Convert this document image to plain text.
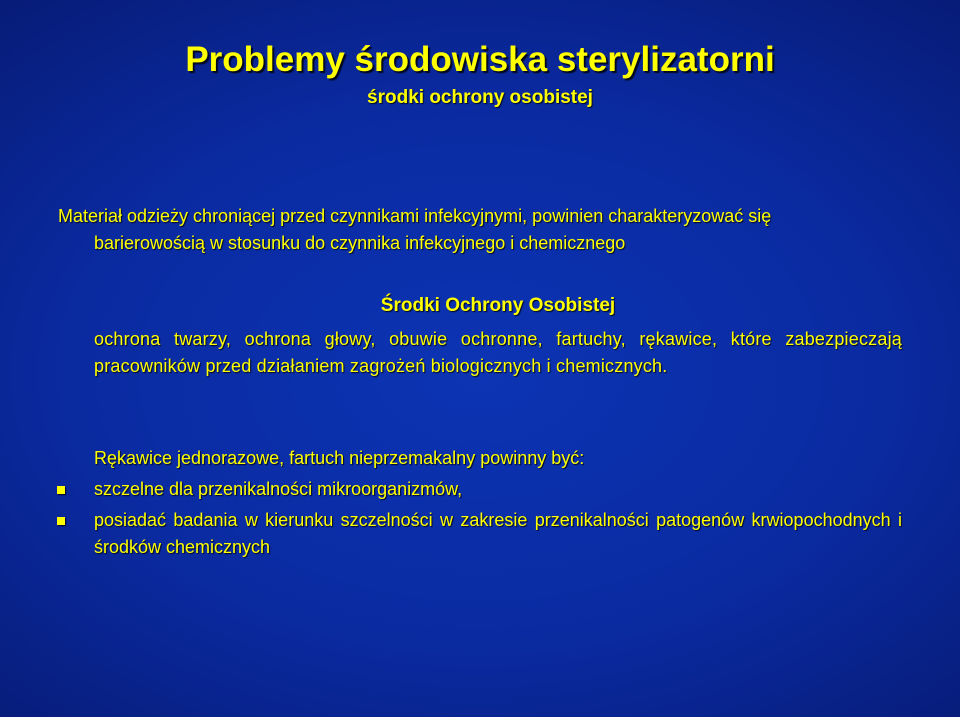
Problemy środowiska sterylizatorni
środki ochrony osobistej

Materiał odzieży chroniącej przed czynnikami infekcyjnymi, powinien charakteryzować się
barierowością w stosunku do czynnika infekcyjnego i chemicznego

Środki Ochrony Osobistej

ochrona twarzy, ochrona głowy, obuwie ochronne, fartuchy, rękawice, które zabezpieczają pracowników przed działaniem zagrożeń biologicznych i chemicznych.

Rękawice jednorazowe, fartuch nieprzemakalny powinny być:

szczelne dla przenikalności mikroorganizmów,
posiadać badania w kierunku szczelności w zakresie przenikalności patogenów krwiopochodnych i środków chemicznych
